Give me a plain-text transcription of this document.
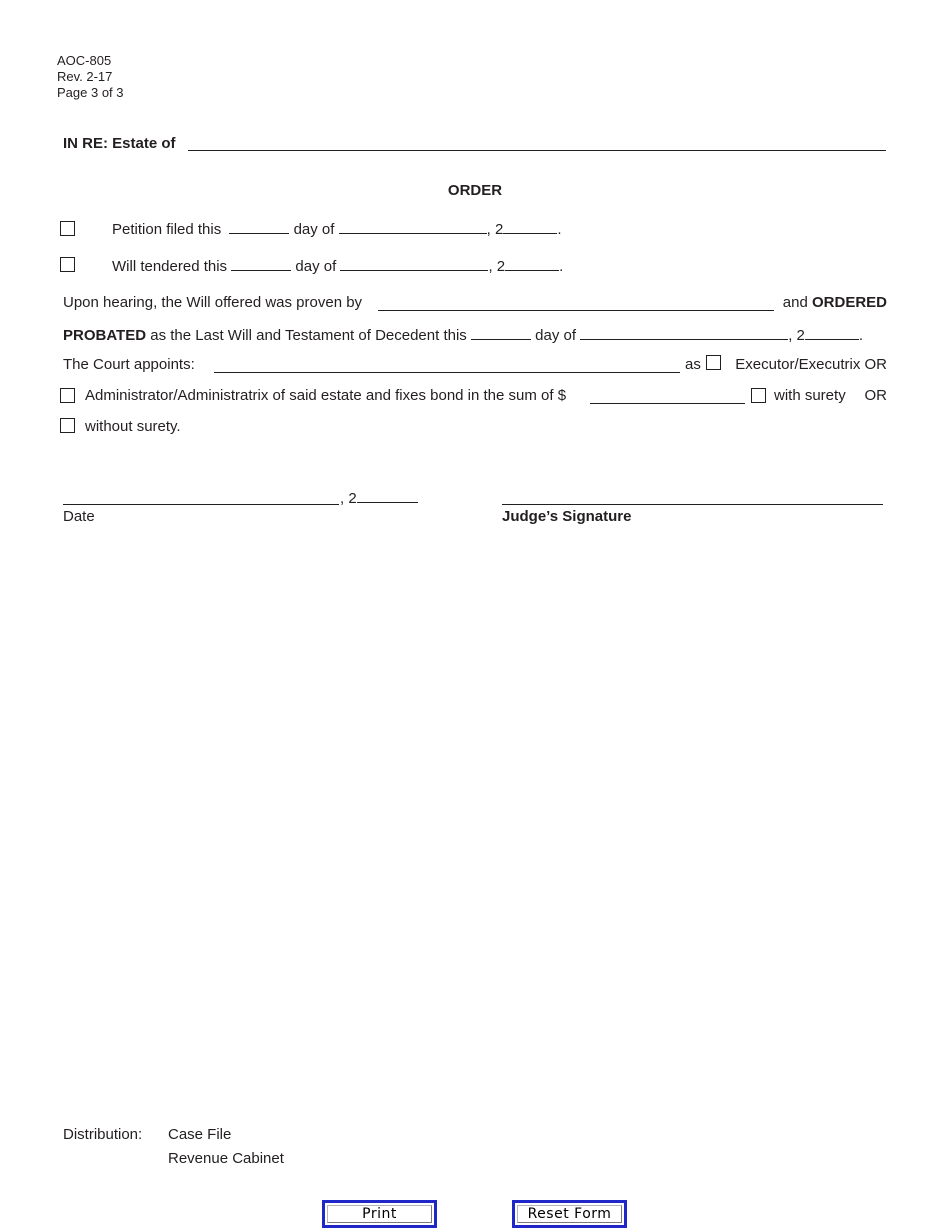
AOC-805
Rev. 2-17
Page 3 of 3
IN RE: Estate of
ORDER
Petition filed this	day of	, 2	.
Will tendered this	day of	, 2	.
Upon hearing, the Will offered was proven by	and ORDERED
PROBATED as the Last Will and Testament of Decedent this	day of	, 2	.
The Court appoints:	as Executor/Executrix OR
Administrator/Administratrix of said estate and fixes bond in the sum of $	with surety OR
without surety.
, 2
Date	Judge’s Signature
Distribution: Case File
Revenue Cabinet
Print	Reset Form
